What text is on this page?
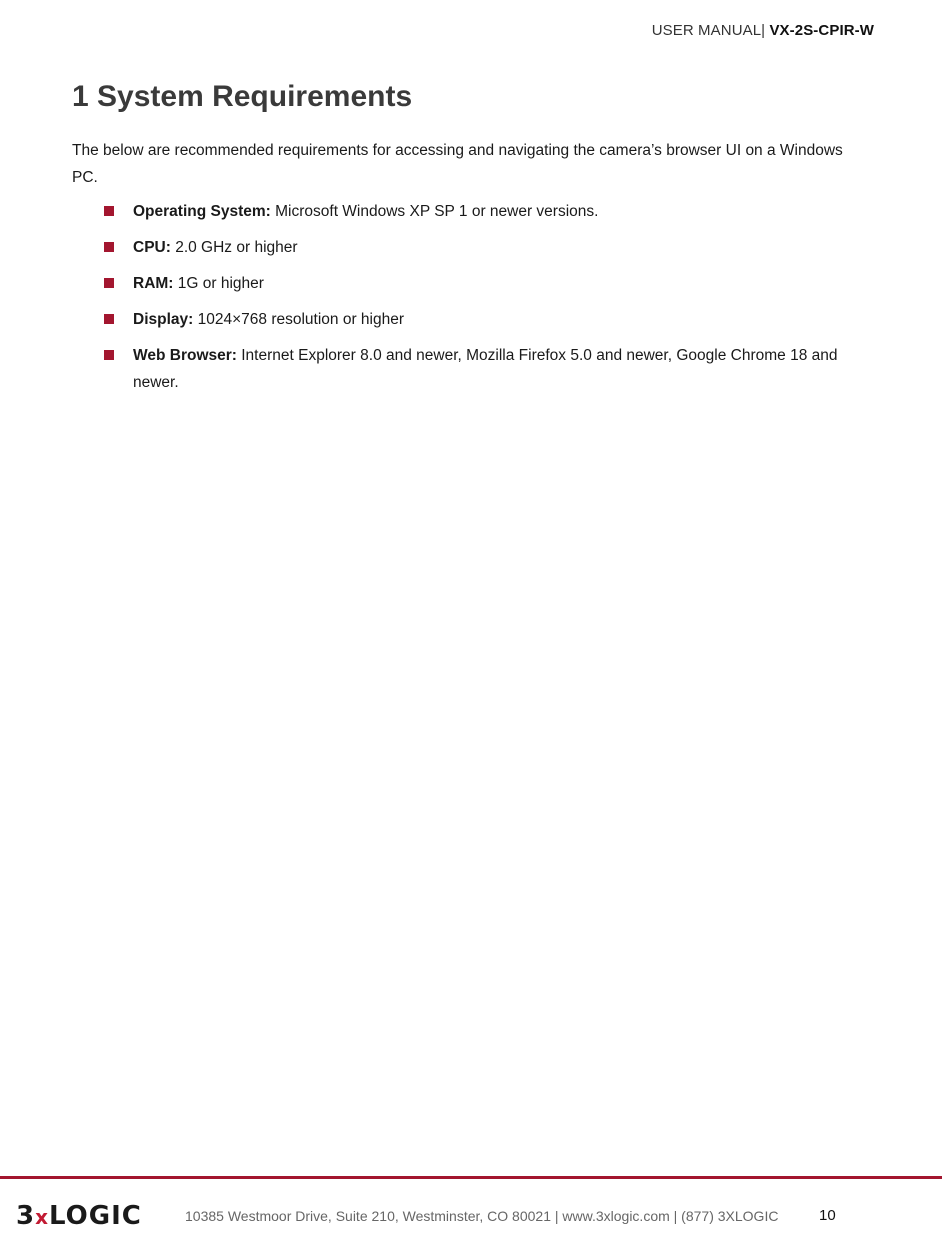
USER MANUAL| VX-2S-CPIR-W
1 System Requirements

The below are recommended requirements for accessing and navigating the camera’s browser UI on a Windows PC.

Operating System: Microsoft Windows XP SP 1 or newer versions.
CPU: 2.0 GHz or higher
RAM: 1G or higher
Display: 1024×768 resolution or higher
Web Browser: Internet Explorer 8.0 and newer, Mozilla Firefox 5.0 and newer, Google Chrome 18 and newer.
3xLOGIC	10385 Westmoor Drive, Suite 210, Westminster, CO 80021 | www.3xlogic.com | (877) 3XLOGIC	10
